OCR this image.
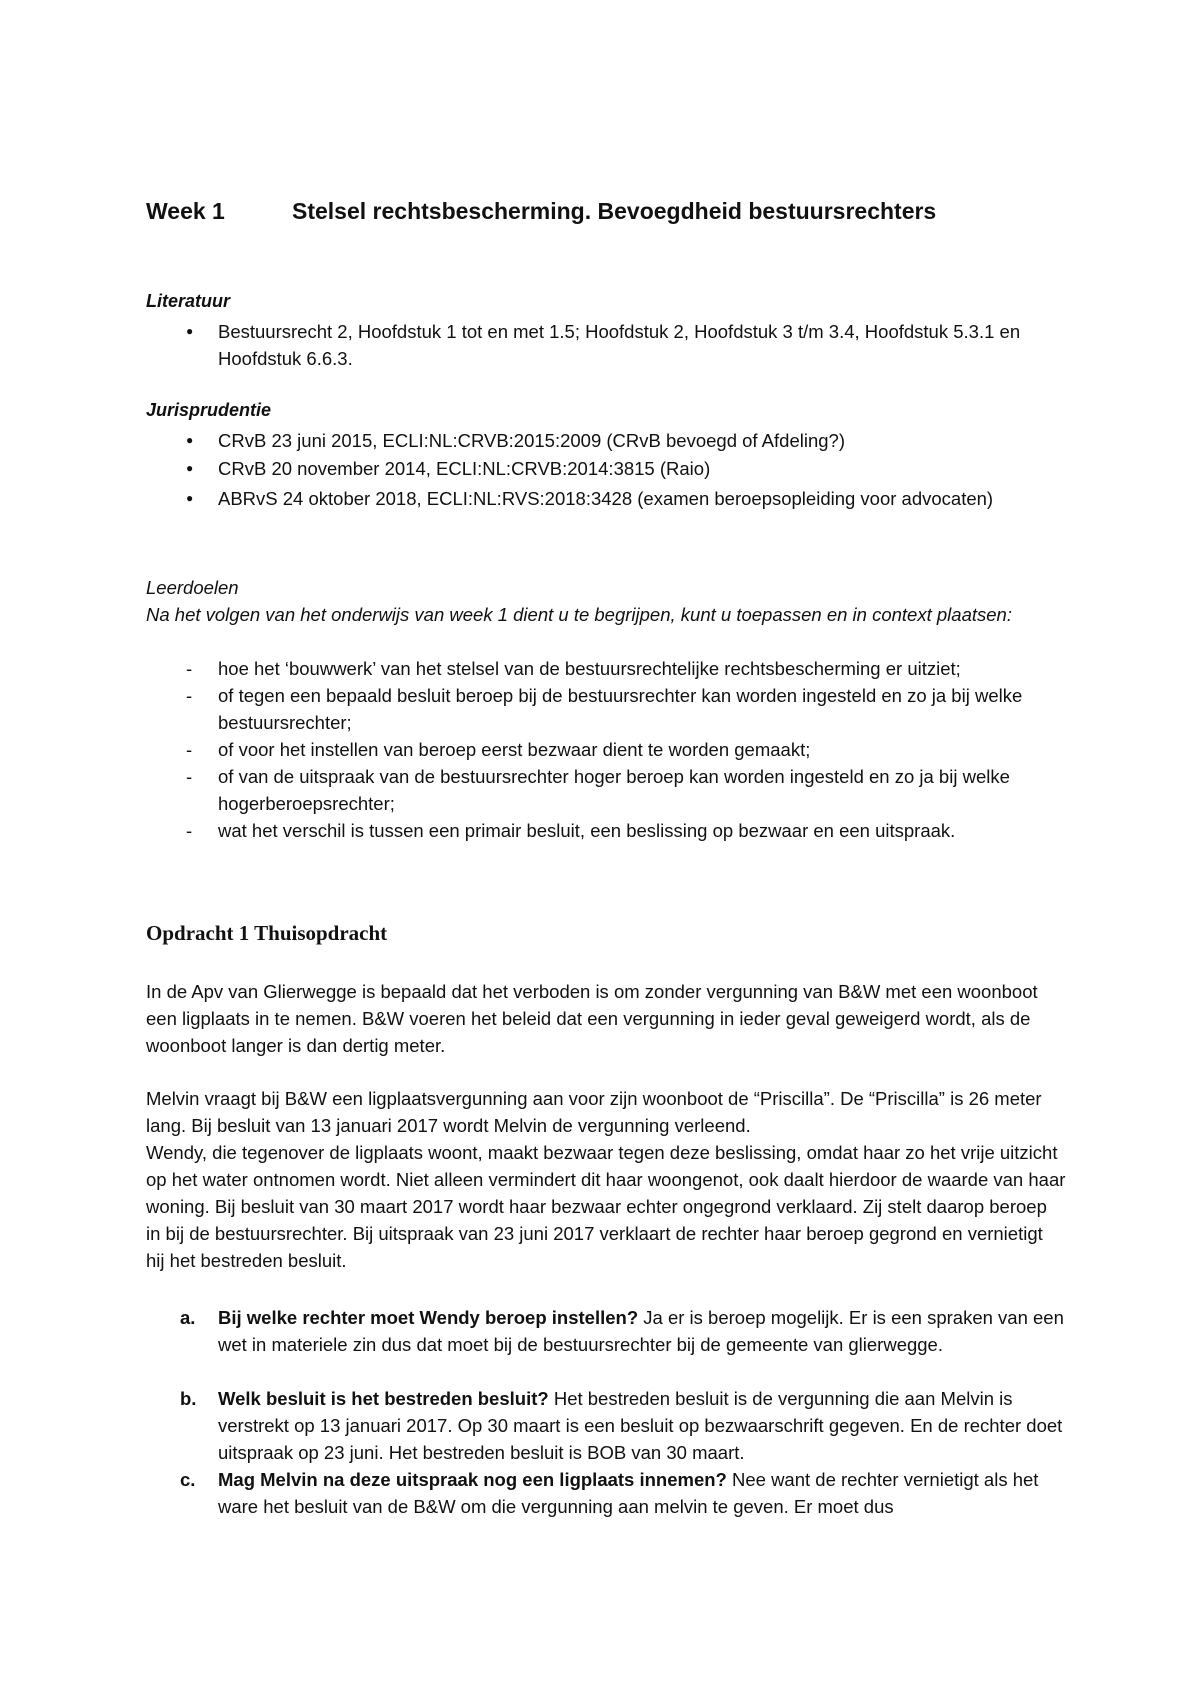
Week 1	Stelsel rechtsbescherming. Bevoegdheid bestuursrechters
Literatuur
● Bestuursrecht 2, Hoofdstuk 1 tot en met 1.5; Hoofdstuk 2, Hoofdstuk 3 t/m 3.4, Hoofdstuk 5.3.1 en Hoofdstuk 6.6.3.
Jurisprudentie
● CRvB 23 juni 2015, ECLI:NL:CRVB:2015:2009 (CRvB bevoegd of Afdeling?)
● CRvB 20 november 2014, ECLI:NL:CRVB:2014:3815 (Raio)
● ABRvS 24 oktober 2018, ECLI:NL:RVS:2018:3428 (examen beroepsopleiding voor advocaten)
Leerdoelen
Na het volgen van het onderwijs van week 1 dient u te begrijpen, kunt u toepassen en in context plaatsen:
- hoe het ‘bouwwerk’ van het stelsel van de bestuursrechtelijke rechtsbescherming er uitziet;
- of tegen een bepaald besluit beroep bij de bestuursrechter kan worden ingesteld en zo ja bij welke bestuursrechter;
- of voor het instellen van beroep eerst bezwaar dient te worden gemaakt;
- of van de uitspraak van de bestuursrechter hoger beroep kan worden ingesteld en zo ja bij welke hogerberoepsrechter;
- wat het verschil is tussen een primair besluit, een beslissing op bezwaar en een uitspraak.
Opdracht 1 Thuisopdracht
In de Apv van Glierwegge is bepaald dat het verboden is om zonder vergunning van B&W met een woonboot een ligplaats in te nemen. B&W voeren het beleid dat een vergunning in ieder geval geweigerd wordt, als de woonboot langer is dan dertig meter.
Melvin vraagt bij B&W een ligplaatsvergunning aan voor zijn woonboot de “Priscilla”. De “Priscilla” is 26 meter lang. Bij besluit van 13 januari 2017 wordt Melvin de vergunning verleend.
Wendy, die tegenover de ligplaats woont, maakt bezwaar tegen deze beslissing, omdat haar zo het vrije uitzicht op het water ontnomen wordt. Niet alleen vermindert dit haar woongenot, ook daalt hierdoor de waarde van haar woning. Bij besluit van 30 maart 2017 wordt haar bezwaar echter ongegrond verklaard. Zij stelt daarop beroep in bij de bestuursrechter. Bij uitspraak van 23 juni 2017 verklaart de rechter haar beroep gegrond en vernietigt hij het bestreden besluit.
a. Bij welke rechter moet Wendy beroep instellen? Ja er is beroep mogelijk. Er is een spraken van een wet in materiele zin dus dat moet bij de bestuursrechter bij de gemeente van glierwegge.
b. Welk besluit is het bestreden besluit? Het bestreden besluit is de vergunning die aan Melvin is verstrekt op 13 januari 2017. Op 30 maart is een besluit op bezwaarschrift gegeven. En de rechter doet uitspraak op 23 juni. Het bestreden besluit is BOB van 30 maart.
c. Mag Melvin na deze uitspraak nog een ligplaats innemen? Nee want de rechter vernietigt als het ware het besluit van de B&W om die vergunning aan melvin te geven. Er moet dus
